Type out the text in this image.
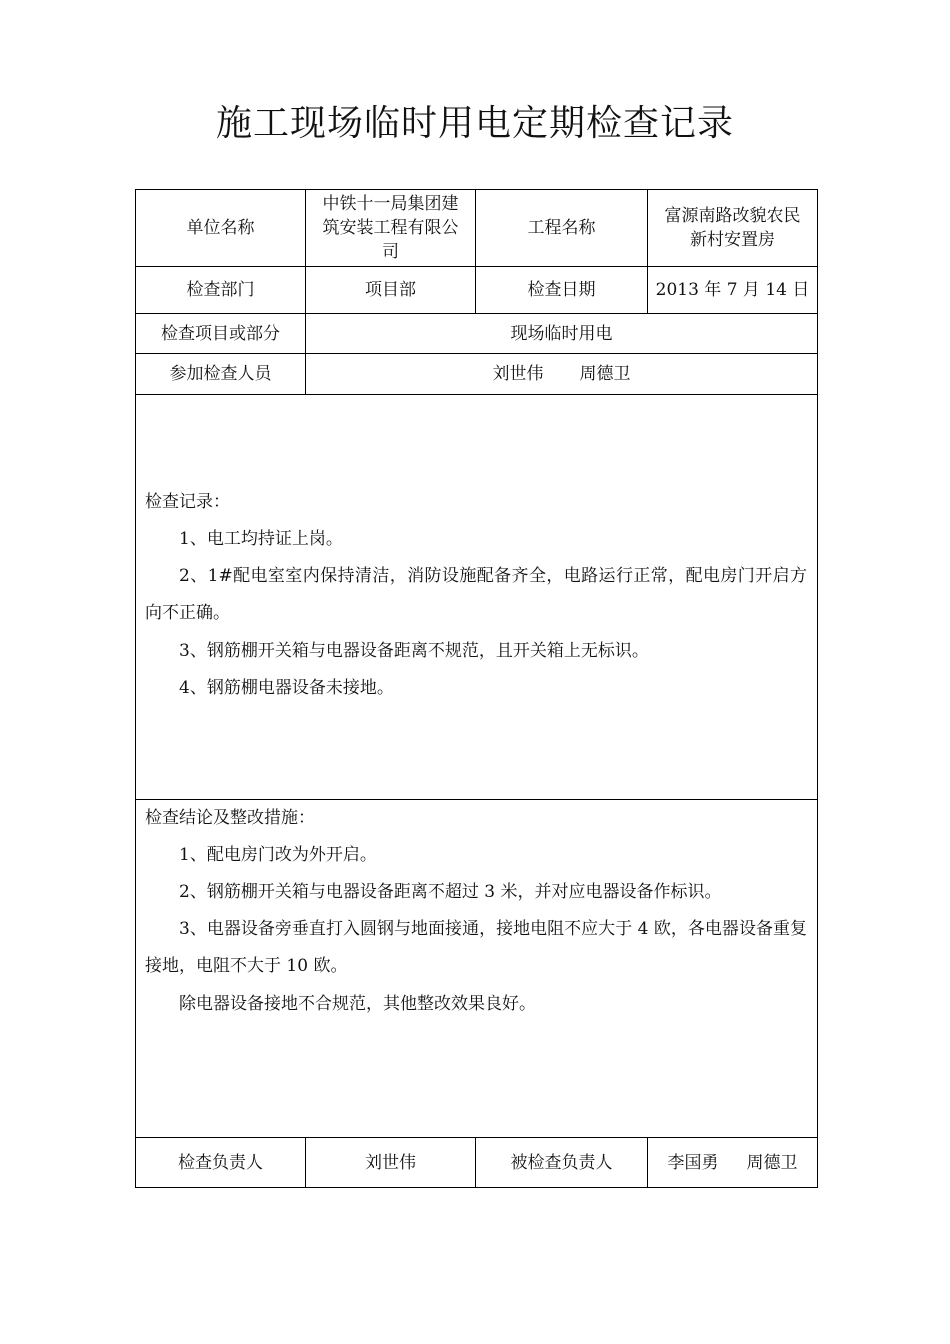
施工现场临时用电定期检查记录
单位名称	中铁十一局集团建筑安装工程有限公司	工程名称	富源南路改貌农民新村安置房
检查部门	项目部	检查日期	2013 年 7 月 14 日
检查项目或部分	现场临时用电		
参加检查人员	刘世伟 周德卫		

检查记录：
1、电工均持证上岗。
2、1#配电室室内保持清洁，消防设施配备齐全，电路运行正常，配电房门开启方向不正确。
3、钢筋棚开关箱与电器设备距离不规范，且开关箱上无标识。
4、钢筋棚电器设备未接地。			

检查结论及整改措施：
1、配电房门改为外开启。
2、钢筋棚开关箱与电器设备距离不超过 3 米，并对应电器设备作标识。
3、电器设备旁垂直打入圆钢与地面接通，接地电阻不应大于 4 欧，各电器设备重复接地，电阻不大于 10 欧。
除电器设备接地不合规范，其他整改效果良好。			

检查负责人	刘世伟	被检查负责人	李国勇 周德卫
